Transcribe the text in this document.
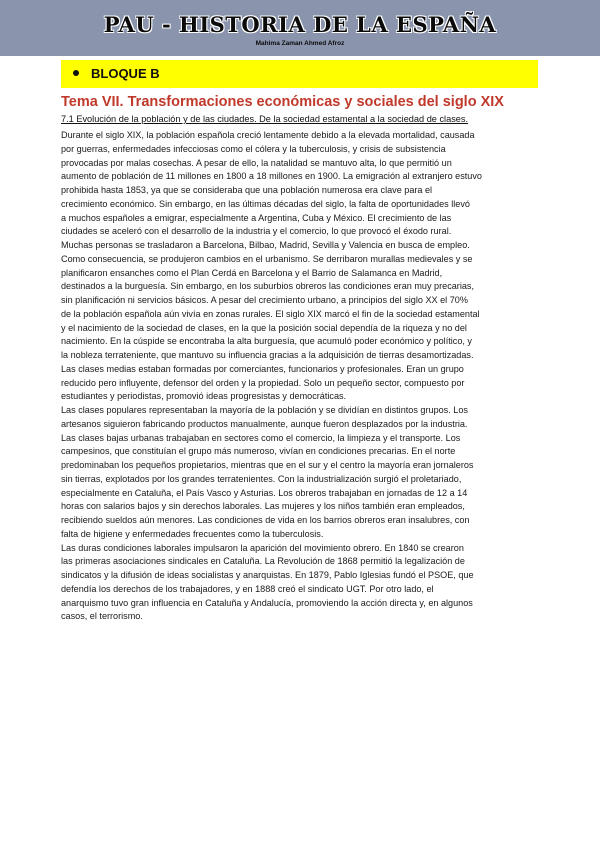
PAU - HISTORIA DE LA ESPAÑA
Mahima Zaman Ahmed Afroz
BLOQUE B
Tema VII. Transformaciones económicas y sociales del siglo XIX
7.1 Evolución de la población y de las ciudades. De la sociedad estamental a la sociedad de clases.
Durante el siglo XIX, la población española creció lentamente debido a la elevada mortalidad, causada
por guerras, enfermedades infecciosas como el cólera y la tuberculosis, y crisis de subsistencia
provocadas por malas cosechas. A pesar de ello, la natalidad se mantuvo alta, lo que permitió un
aumento de población de 11 millones en 1800 a 18 millones en 1900. La emigración al extranjero estuvo
prohibida hasta 1853, ya que se consideraba que una población numerosa era clave para el
crecimiento económico. Sin embargo, en las últimas décadas del siglo, la falta de oportunidades llevó
a muchos españoles a emigrar, especialmente a Argentina, Cuba y México. El crecimiento de las
ciudades se aceleró con el desarrollo de la industria y el comercio, lo que provocó el éxodo rural.
Muchas personas se trasladaron a Barcelona, Bilbao, Madrid, Sevilla y Valencia en busca de empleo.
Como consecuencia, se produjeron cambios en el urbanismo. Se derribaron murallas medievales y se
planificaron ensanches como el Plan Cerdá en Barcelona y el Barrio de Salamanca en Madrid,
destinados a la burguesía. Sin embargo, en los suburbios obreros las condiciones eran muy precarias,
sin planificación ni servicios básicos. A pesar del crecimiento urbano, a principios del siglo XX el 70%
de la población española aún vivía en zonas rurales. El siglo XIX marcó el fin de la sociedad estamental
y el nacimiento de la sociedad de clases, en la que la posición social dependía de la riqueza y no del
nacimiento. En la cúspide se encontraba la alta burguesía, que acumuló poder económico y político, y
la nobleza terrateniente, que mantuvo su influencia gracias a la adquisición de tierras desamortizadas.
Las clases medias estaban formadas por comerciantes, funcionarios y profesionales. Eran un grupo
reducido pero influyente, defensor del orden y la propiedad. Solo un pequeño sector, compuesto por
estudiantes y periodistas, promovió ideas progresistas y democráticas.
Las clases populares representaban la mayoría de la población y se dividían en distintos grupos. Los
artesanos siguieron fabricando productos manualmente, aunque fueron desplazados por la industria.
Las clases bajas urbanas trabajaban en sectores como el comercio, la limpieza y el transporte. Los
campesinos, que constituían el grupo más numeroso, vivían en condiciones precarias. En el norte
predominaban los pequeños propietarios, mientras que en el sur y el centro la mayoría eran jornaleros
sin tierras, explotados por los grandes terratenientes. Con la industrialización surgió el proletariado,
especialmente en Cataluña, el País Vasco y Asturias. Los obreros trabajaban en jornadas de 12 a 14
horas con salarios bajos y sin derechos laborales. Las mujeres y los niños también eran empleados,
recibiendo sueldos aún menores. Las condiciones de vida en los barrios obreros eran insalubres, con
falta de higiene y enfermedades frecuentes como la tuberculosis.
Las duras condiciones laborales impulsaron la aparición del movimiento obrero. En 1840 se crearon
las primeras asociaciones sindicales en Cataluña. La Revolución de 1868 permitió la legalización de
sindicatos y la difusión de ideas socialistas y anarquistas. En 1879, Pablo Iglesias fundó el PSOE, que
defendía los derechos de los trabajadores, y en 1888 creó el sindicato UGT. Por otro lado, el
anarquismo tuvo gran influencia en Cataluña y Andalucía, promoviendo la acción directa y, en algunos
casos, el terrorismo.
